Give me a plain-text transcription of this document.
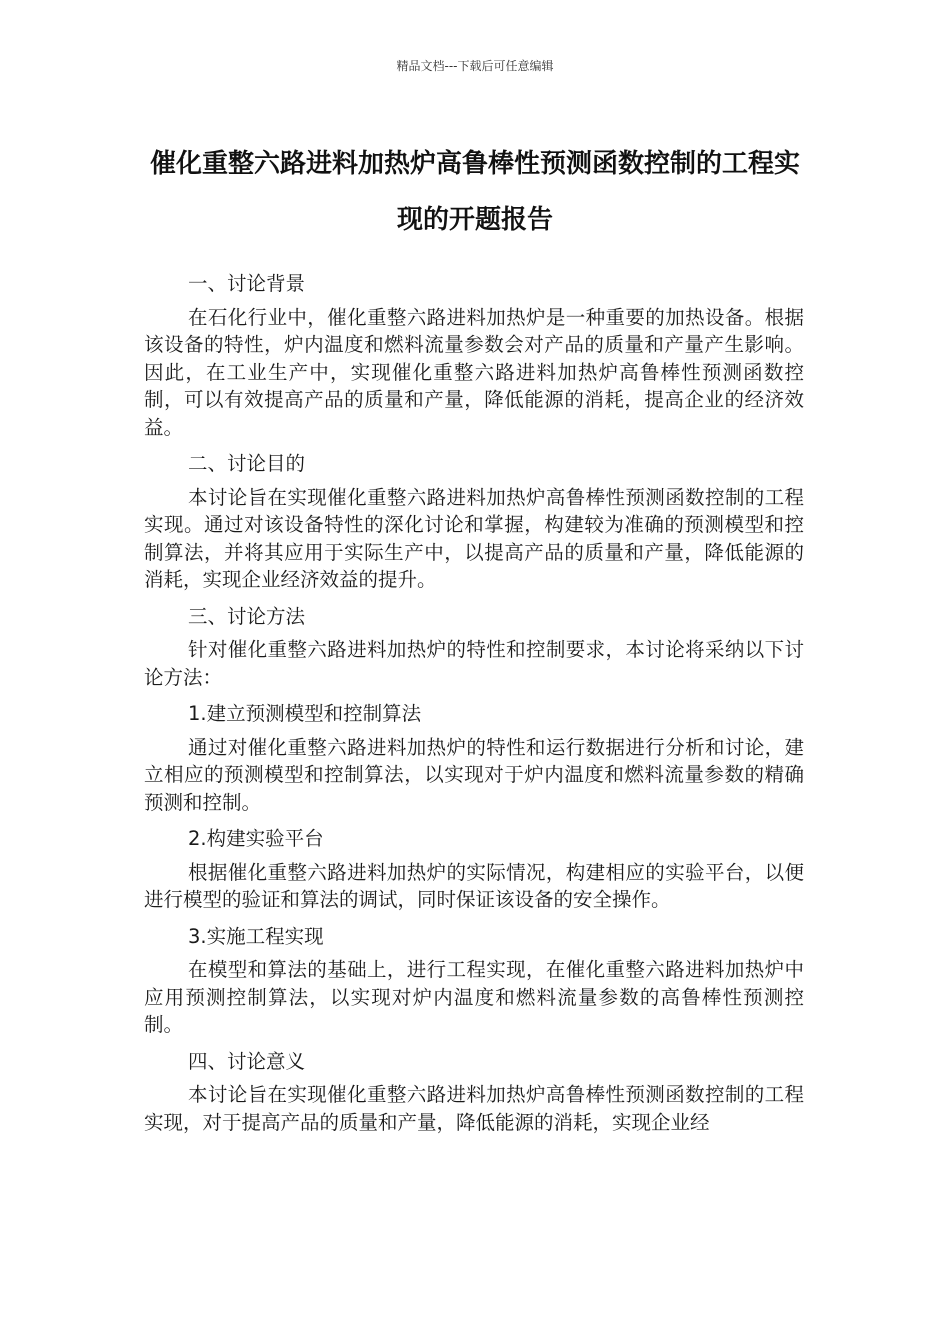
精品文档---下载后可任意编辑
催化重整六路进料加热炉高鲁棒性预测函数控制的工程实现的开题报告

一、讨论背景

在石化行业中，催化重整六路进料加热炉是一种重要的加热设备。根据该设备的特性，炉内温度和燃料流量参数会对产品的质量和产量产生影响。因此，在工业生产中，实现催化重整六路进料加热炉高鲁棒性预测函数控制，可以有效提高产品的质量和产量，降低能源的消耗，提高企业的经济效益。

二、讨论目的

本讨论旨在实现催化重整六路进料加热炉高鲁棒性预测函数控制的工程实现。通过对该设备特性的深化讨论和掌握，构建较为准确的预测模型和控制算法，并将其应用于实际生产中，以提高产品的质量和产量，降低能源的消耗，实现企业经济效益的提升。

三、讨论方法

针对催化重整六路进料加热炉的特性和控制要求，本讨论将采纳以下讨论方法：

1.建立预测模型和控制算法

通过对催化重整六路进料加热炉的特性和运行数据进行分析和讨论，建立相应的预测模型和控制算法，以实现对于炉内温度和燃料流量参数的精确预测和控制。

2.构建实验平台

根据催化重整六路进料加热炉的实际情况，构建相应的实验平台，以便进行模型的验证和算法的调试，同时保证该设备的安全操作。

3.实施工程实现

在模型和算法的基础上，进行工程实现，在催化重整六路进料加热炉中应用预测控制算法，以实现对炉内温度和燃料流量参数的高鲁棒性预测控制。

四、讨论意义

本讨论旨在实现催化重整六路进料加热炉高鲁棒性预测函数控制的工程实现，对于提高产品的质量和产量，降低能源的消耗，实现企业经
